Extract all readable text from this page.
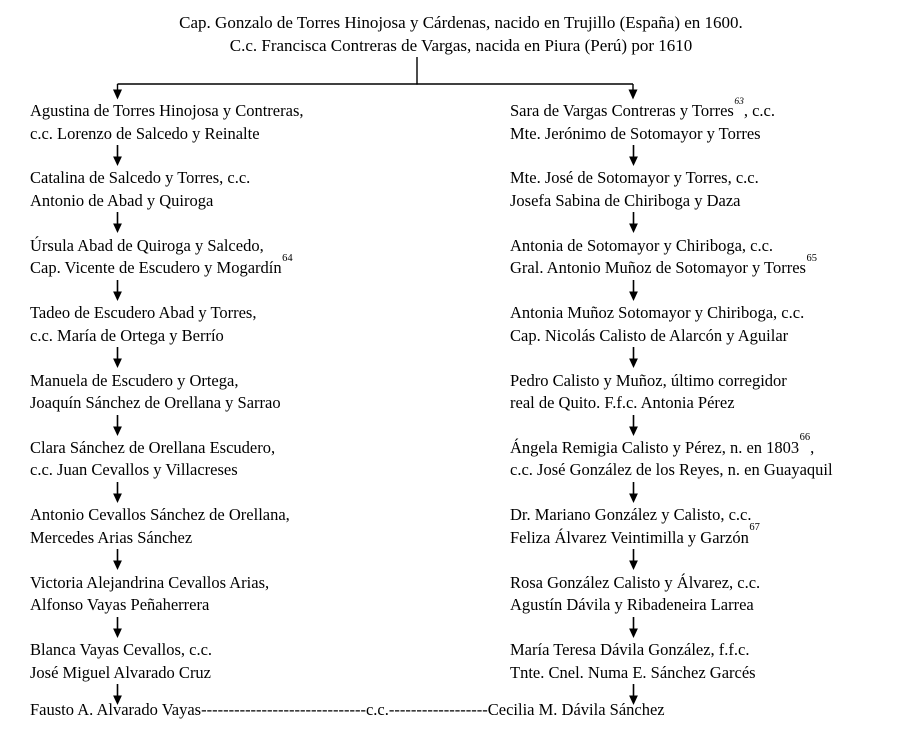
Cap. Gonzalo de Torres Hinojosa y Cárdenas, nacido en Trujillo (España) en 1600.
C.c. Francisca Contreras de Vargas, nacida en Piura (Perú) por 1610
Agustina de Torres Hinojosa y Contreras,
c.c. Lorenzo de Salcedo y Reinalte
Catalina de Salcedo y Torres, c.c.
Antonio de Abad y Quiroga
Úrsula Abad de Quiroga y Salcedo,
Cap. Vicente de Escudero y Mogardín$^{64}$
Tadeo de Escudero Abad y Torres,
c.c. María de Ortega y Berrío
Manuela de Escudero y Ortega,
Joaquín Sánchez de Orellana y Sarrao
Clara Sánchez de Orellana Escudero,
c.c. Juan Cevallos y Villacreses
Antonio Cevallos Sánchez de Orellana,
Mercedes Arias Sánchez
Victoria Alejandrina Cevallos Arias,
Alfonso Vayas Peñaherrera
Blanca Vayas Cevallos, c.c.
José Miguel Alvarado Cruz
Sara de Vargas Contreras y Torres$^{63}$, c.c.
Mte. Jerónimo de Sotomayor y Torres
Mte. José de Sotomayor y Torres, c.c.
Josefa Sabina de Chiriboga y Daza
Antonia de Sotomayor y Chiriboga, c.c.
Gral. Antonio Muñoz de Sotomayor y Torres$^{65}$
Antonia Muñoz Sotomayor y Chiriboga, c.c.
Cap. Nicolás Calisto de Alarcón y Aguilar
Pedro Calisto y Muñoz, último corregidor
real de Quito. F.f.c. Antonia Pérez
Ángela Remigia Calisto y Pérez, n. en 1803$^{66}$,
c.c. José González de los Reyes, n. en Guayaquil
Dr. Mariano González y Calisto, c.c.
Feliza Álvarez Veintimilla y Garzón$^{67}$
Rosa González Calisto y Álvarez, c.c.
Agustín Dávila y Ribadeneira Larrea
María Teresa Dávila González, f.f.c.
Tnte. Cnel. Numa E. Sánchez Garcés
Fausto A. Alvarado Vayas------------------------------c.c.------------------Cecilia M. Dávila Sánchez
